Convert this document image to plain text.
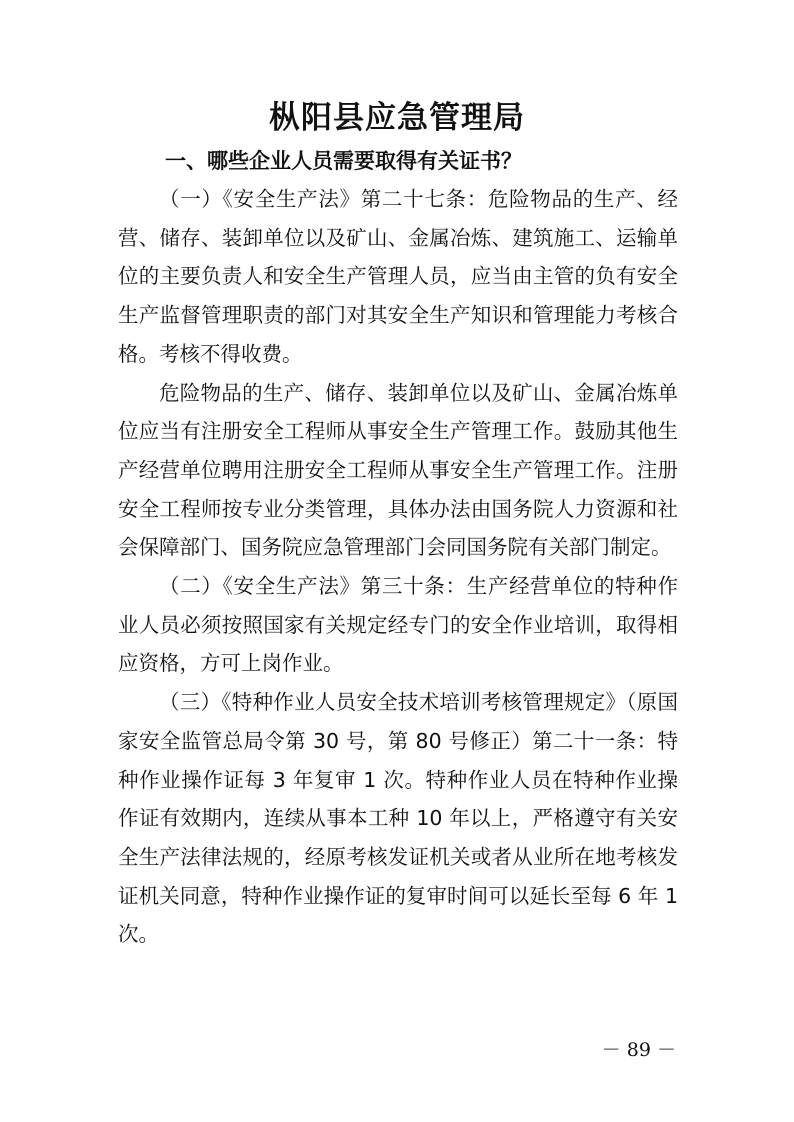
枞阳县应急管理局
一、哪些企业人员需要取得有关证书？

（一）《安全生产法》第二十七条：危险物品的生产、经营、储存、装卸单位以及矿山、金属冶炼、建筑施工、运输单位的主要负责人和安全生产管理人员，应当由主管的负有安全生产监督管理职责的部门对其安全生产知识和管理能力考核合格。考核不得收费。

危险物品的生产、储存、装卸单位以及矿山、金属冶炼单位应当有注册安全工程师从事安全生产管理工作。鼓励其他生产经营单位聘用注册安全工程师从事安全生产管理工作。注册安全工程师按专业分类管理，具体办法由国务院人力资源和社会保障部门、国务院应急管理部门会同国务院有关部门制定。

（二）《安全生产法》第三十条：生产经营单位的特种作业人员必须按照国家有关规定经专门的安全作业培训，取得相应资格，方可上岗作业。

（三）《特种作业人员安全技术培训考核管理规定》（原国家安全监管总局令第 30 号，第 80 号修正）第二十一条：特种作业操作证每 3 年复审 1 次。特种作业人员在特种作业操作证有效期内，连续从事本工种 10 年以上，严格遵守有关安全生产法律法规的，经原考核发证机关或者从业所在地考核发证机关同意，特种作业操作证的复审时间可以延长至每 6 年 1 次。

－ 89 －
